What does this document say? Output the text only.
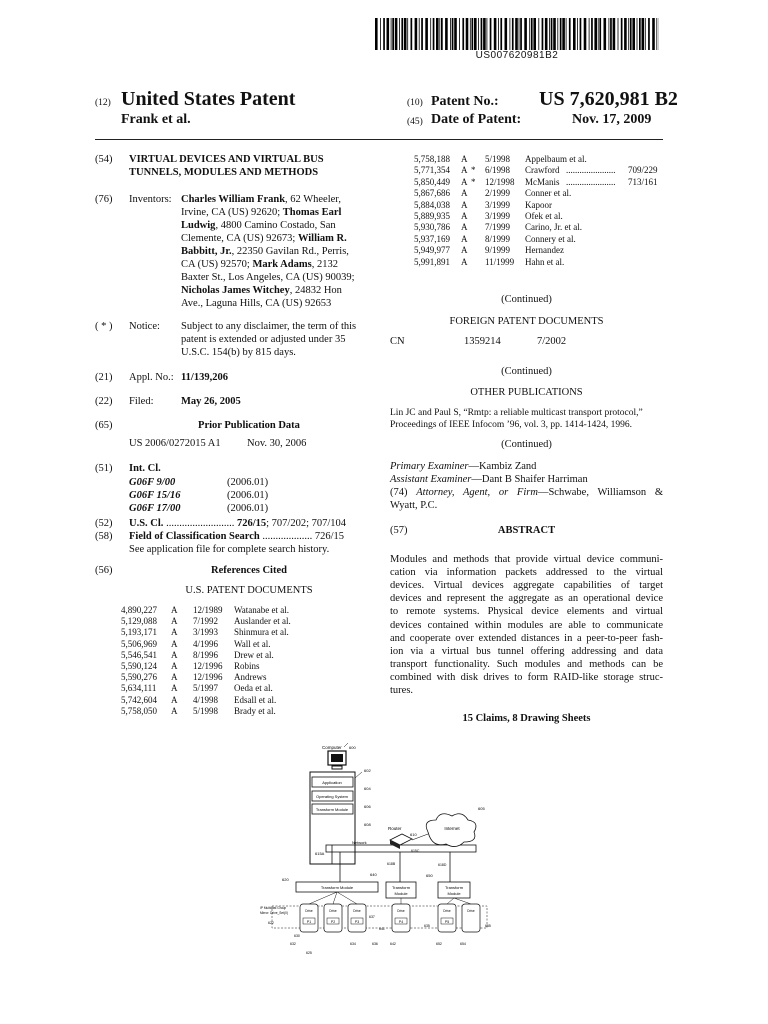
US007620981B2
(12) United States Patent
Frank et al.
(10) Patent No.: US 7,620,981 B2
(45) Date of Patent:	Nov. 17, 2009
(54) VIRTUAL DEVICES AND VIRTUAL BUS
TUNNELS, MODULES AND METHODS
(76) Inventors: Charles William Frank, 62 Wheeler,
Irvine, CA (US) 92620; Thomas Earl
Ludwig, 4800 Camino Costado, San
Clemente, CA (US) 92673; William R.
Babbitt, Jr., 22350 Gavilan Rd., Perris,
CA (US) 92570; Mark Adams, 2132
Baxter St., Los Angeles, CA (US) 90039;
Nicholas James Witchey, 24832 Hon
Ave., Laguna Hills, CA (US) 92653
( * ) Notice: Subject to any disclaimer, the term of this
patent is extended or adjusted under 35
U.S.C. 154(b) by 815 days.
(21) Appl. No.: 11/139,206
(22) Filed:	May 26, 2005
(65)	Prior Publication Data
US 2006/0272015 A1	Nov. 30, 2006
(51) Int. Cl.
G06F 9/00	(2006.01)
G06F 15/16	(2006.01)
G06F 17/00	(2006.01)
(52) U.S. Cl. .......................... 726/15; 707/202; 707/104
(58) Field of Classification Search ................... 726/15
See application file for complete search history.
(56)	References Cited
U.S. PATENT DOCUMENTS
4,890,227 A 12/1989 Watanabe et al.
5,129,088 A 7/1992 Auslander et al.
5,193,171 A 3/1993 Shinmura et al.
5,506,969 A 4/1996 Wall et al.
5,546,541 A 8/1996 Drew et al.
5,590,124 A 12/1996 Robins
5,590,276 A 12/1996 Andrews
5,634,111 A 5/1997 Oeda et al.
5,742,604 A 4/1998 Edsall et al.
5,758,050 A 5/1998 Brady et al.
5,758,188 A 5/1998 Appelbaum et al.
5,771,354 A * 6/1998 Crawford ...................... 709/229
5,850,449 A * 12/1998 McManis ...................... 713/161
5,867,686 A 2/1999 Conner et al.
5,884,038 A 3/1999 Kapoor
5,889,935 A 3/1999 Ofek et al.
5,930,786 A 7/1999 Carino, Jr. et al.
5,937,169 A 8/1999 Connery et al.
5,949,977 A 9/1999 Hernandez
5,991,891 A 11/1999 Hahn et al.
(Continued)
FOREIGN PATENT DOCUMENTS
CN	1359214	7/2002
(Continued)
OTHER PUBLICATIONS
Lin JC and Paul S, “Rmtp: a reliable multicast transport protocol,”
Proceedings of IEEE Infocom ’96, vol. 3, pp. 1414-1424, 1996.
(Continued)
Primary Examiner—Kambiz Zand
Assistant Examiner—Dant B Shaifer Harriman
(74) Attorney, Agent, or Firm—Schwabe, Williamson &
Wyatt, P.C.
(57)	ABSTRACT
Modules and methods that provide virtual device communi-
cation via information packets addressed to the virtual
devices. Virtual devices aggregate capabilities of target
devices and represent the aggregate as an operational device
to remote systems. Physical device elements and virtual
devices contained within modules are able to communicate
and cooperate over extended distances in a peer-to-peer fash-
ion via a virtual bus tunnel offering addressing and data
transport functionality. Such modules and methods can be
combined with disk drives to form RAID-like storage struc-
tures.
15 Claims, 8 Drawing Sheets
Computer 600
602
Application
Operating System
604
Transform Module
606
608
Network
615A
Router
610
615C
Internet
605
618B	618D
620
640	650
Transform Module	Transform
Module
Transform
Module
IP Multicast Group
Mirror: Drive_Set(0)
622
630
641
635	655
632	634	636	642	652	654
625
637
Drive
P1
Drive
P2
Drive
P3
Drive
P4
Drive
P5
Drive
